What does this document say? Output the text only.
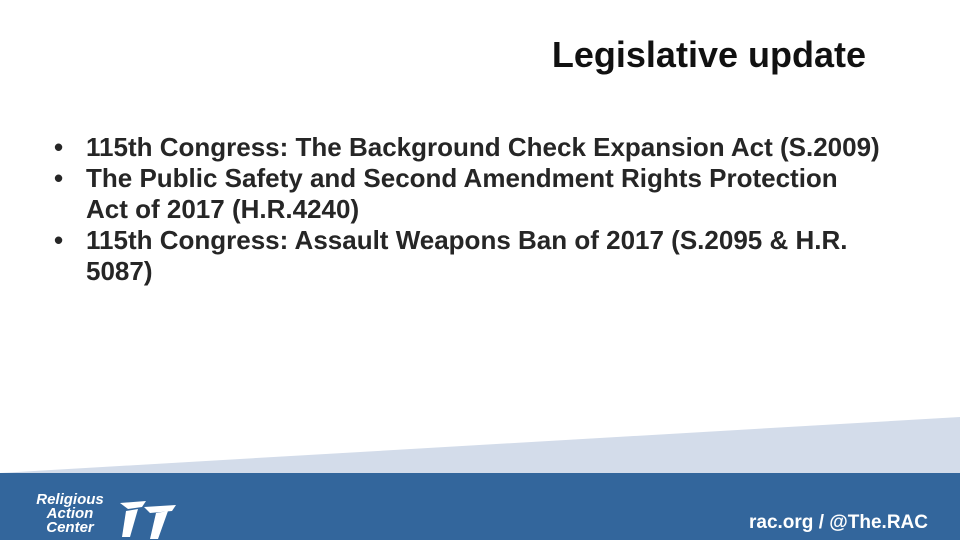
Legislative update
• 115th Congress: The Background Check Expansion Act (S.2009)
• The Public Safety and Second Amendment Rights Protection Act of 2017 (H.R.4240)
• 115th Congress: Assault Weapons Ban of 2017 (S.2095 & H.R. 5087)
Religious
Action
Center	rac.org / @The.RAC
